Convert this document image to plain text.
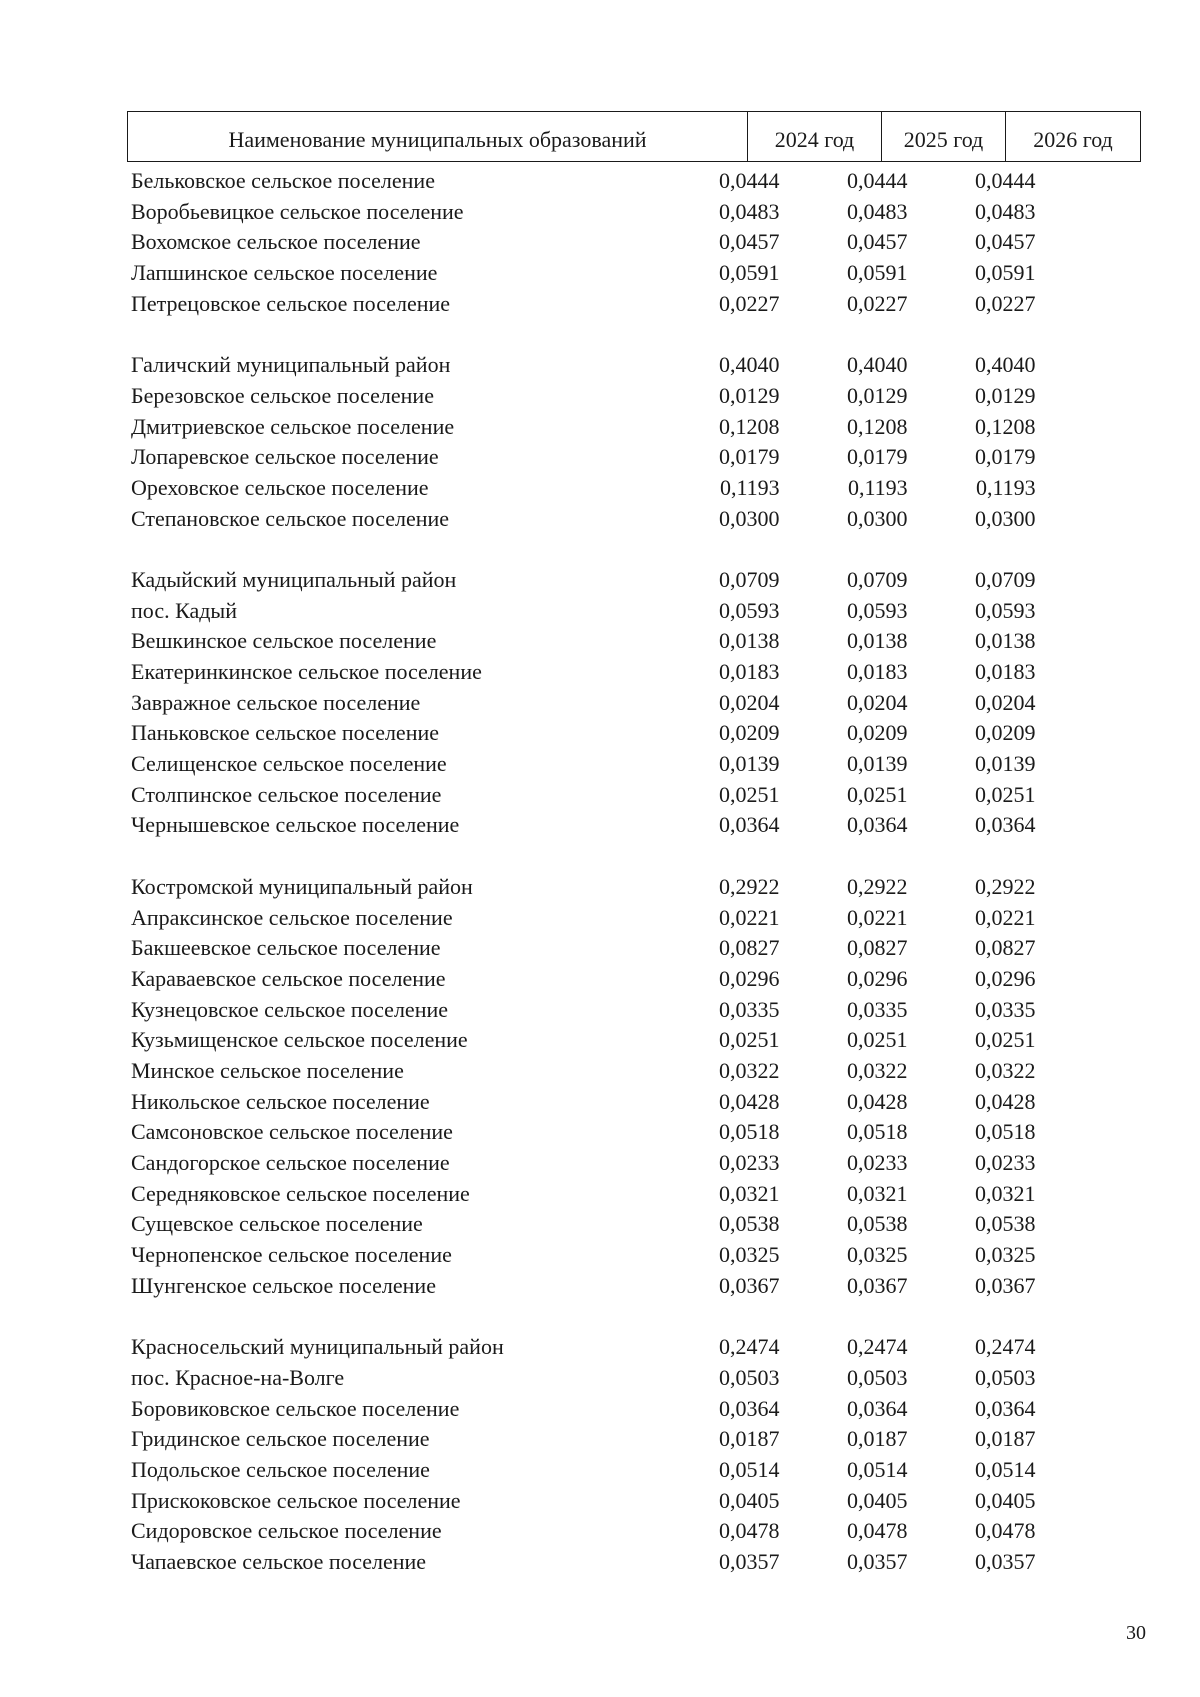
Наименование муниципальных образований	2024 год	2025 год	2026 год
Бельковское сельское поселение	0,0444	0,0444	0,0444
Воробьевицкое сельское поселение	0,0483	0,0483	0,0483
Вохомское сельское поселение	0,0457	0,0457	0,0457
Лапшинское сельское поселение	0,0591	0,0591	0,0591
Петрецовское сельское поселение	0,0227	0,0227	0,0227
Галичский муниципальный район	0,4040	0,4040	0,4040
Березовское сельское поселение	0,0129	0,0129	0,0129
Дмитриевское сельское поселение	0,1208	0,1208	0,1208
Лопаревское сельское поселение	0,0179	0,0179	0,0179
Ореховское сельское поселение	0,1193	0,1193	0,1193
Степановское сельское поселение	0,0300	0,0300	0,0300
Кадыйский муниципальный район	0,0709	0,0709	0,0709
пос. Кадый	0,0593	0,0593	0,0593
Вешкинское сельское поселение	0,0138	0,0138	0,0138
Екатеринкинское сельское поселение	0,0183	0,0183	0,0183
Завражное сельское поселение	0,0204	0,0204	0,0204
Паньковское сельское поселение	0,0209	0,0209	0,0209
Селищенское сельское поселение	0,0139	0,0139	0,0139
Столпинское сельское поселение	0,0251	0,0251	0,0251
Чернышевское сельское поселение	0,0364	0,0364	0,0364
Костромской муниципальный район	0,2922	0,2922	0,2922
Апраксинское сельское поселение	0,0221	0,0221	0,0221
Бакшеевское сельское поселение	0,0827	0,0827	0,0827
Караваевское сельское поселение	0,0296	0,0296	0,0296
Кузнецовское сельское поселение	0,0335	0,0335	0,0335
Кузьмищенское сельское поселение	0,0251	0,0251	0,0251
Минское сельское поселение	0,0322	0,0322	0,0322
Никольское сельское поселение	0,0428	0,0428	0,0428
Самсоновское сельское поселение	0,0518	0,0518	0,0518
Сандогорское сельское поселение	0,0233	0,0233	0,0233
Середняковское сельское поселение	0,0321	0,0321	0,0321
Сущевское сельское поселение	0,0538	0,0538	0,0538
Чернопенское сельское поселение	0,0325	0,0325	0,0325
Шунгенское сельское поселение	0,0367	0,0367	0,0367
Красносельский муниципальный район	0,2474	0,2474	0,2474
пос. Красное-на-Волге	0,0503	0,0503	0,0503
Боровиковское сельское поселение	0,0364	0,0364	0,0364
Гридинское сельское поселение	0,0187	0,0187	0,0187
Подольское сельское поселение	0,0514	0,0514	0,0514
Прискоковское сельское поселение	0,0405	0,0405	0,0405
Сидоровское сельское поселение	0,0478	0,0478	0,0478
Чапаевское сельское поселение	0,0357	0,0357	0,0357
30
